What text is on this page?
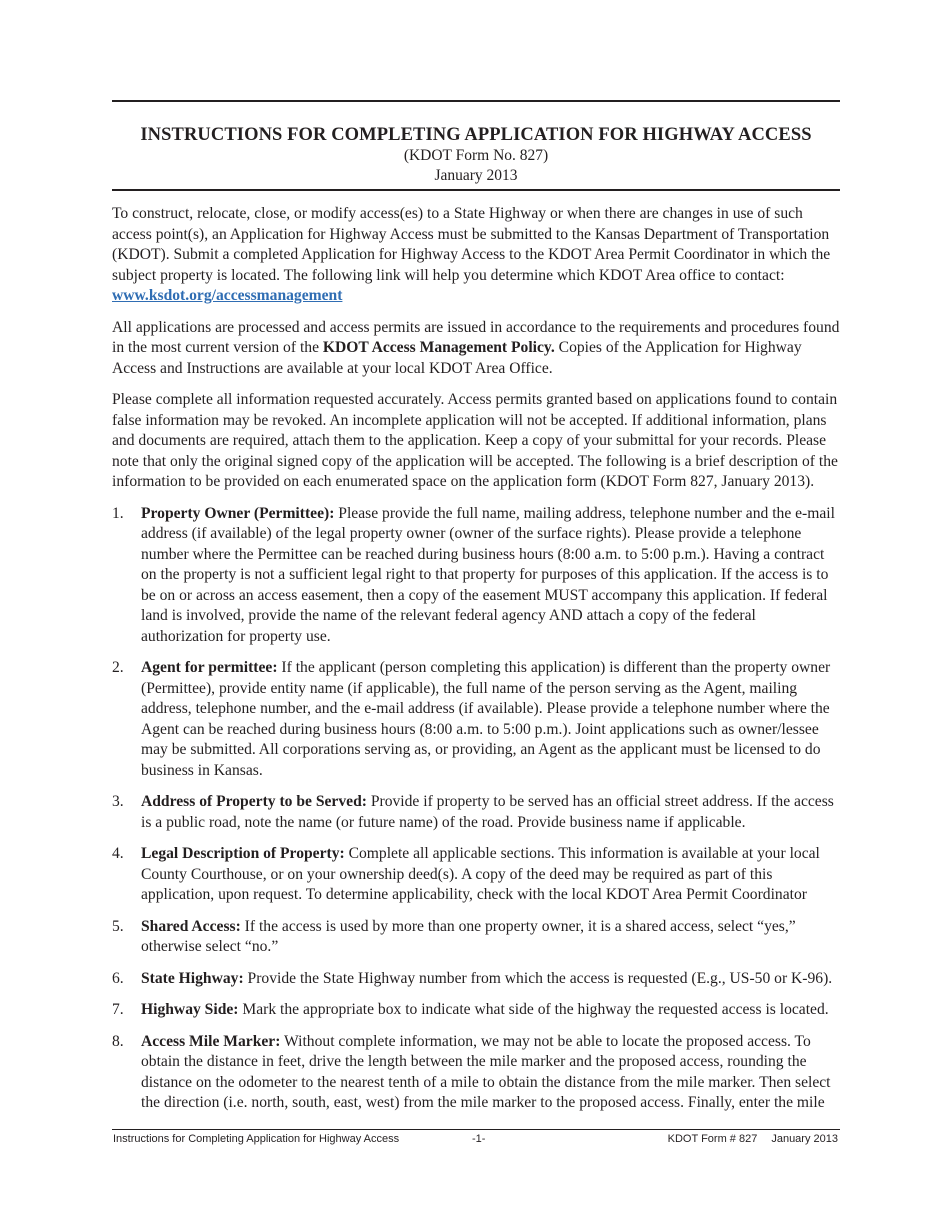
INSTRUCTIONS FOR COMPLETING APPLICATION FOR HIGHWAY ACCESS
(KDOT Form No. 827)
January 2013

To construct, relocate, close, or modify access(es) to a State Highway or when there are changes in use of such access point(s), an Application for Highway Access must be submitted to the Kansas Department of Transportation (KDOT). Submit a completed Application for Highway Access to the KDOT Area Permit Coordinator in which the subject property is located. The following link will help you determine which KDOT Area office to contact:
www.ksdot.org/accessmanagement

All applications are processed and access permits are issued in accordance to the requirements and procedures found in the most current version of the KDOT Access Management Policy. Copies of the Application for Highway Access and Instructions are available at your local KDOT Area Office.

Please complete all information requested accurately. Access permits granted based on applications found to contain false information may be revoked. An incomplete application will not be accepted. If additional information, plans and documents are required, attach them to the application. Keep a copy of your submittal for your records. Please note that only the original signed copy of the application will be accepted. The following is a brief description of the information to be provided on each enumerated space on the application form (KDOT Form 827, January 2013).

1. Property Owner (Permittee): Please provide the full name, mailing address, telephone number and the e-mail address (if available) of the legal property owner (owner of the surface rights). Please provide a telephone number where the Permittee can be reached during business hours (8:00 a.m. to 5:00 p.m.). Having a contract on the property is not a sufficient legal right to that property for purposes of this application. If the access is to be on or across an access easement, then a copy of the easement MUST accompany this application. If federal land is involved, provide the name of the relevant federal agency AND attach a copy of the federal authorization for property use.
2. Agent for permittee: If the applicant (person completing this application) is different than the property owner (Permittee), provide entity name (if applicable), the full name of the person serving as the Agent, mailing address, telephone number, and the e-mail address (if available). Please provide a telephone number where the Agent can be reached during business hours (8:00 a.m. to 5:00 p.m.). Joint applications such as owner/lessee may be submitted. All corporations serving as, or providing, an Agent as the applicant must be licensed to do business in Kansas.
3. Address of Property to be Served: Provide if property to be served has an official street address. If the access is a public road, note the name (or future name) of the road. Provide business name if applicable.
4. Legal Description of Property: Complete all applicable sections. This information is available at your local County Courthouse, or on your ownership deed(s). A copy of the deed may be required as part of this application, upon request. To determine applicability, check with the local KDOT Area Permit Coordinator
5. Shared Access: If the access is used by more than one property owner, it is a shared access, select “yes,” otherwise select “no.”
6. State Highway: Provide the State Highway number from which the access is requested (E.g., US-50 or K-96).
7. Highway Side: Mark the appropriate box to indicate what side of the highway the requested access is located.
8. Access Mile Marker: Without complete information, we may not be able to locate the proposed access. To obtain the distance in feet, drive the length between the mile marker and the proposed access, rounding the distance on the odometer to the nearest tenth of a mile to obtain the distance from the mile marker. Then select the direction (i.e. north, south, east, west) from the mile marker to the proposed access. Finally, enter the mile
Instructions for Completing Application for Highway Access	-1-	KDOT Form # 827 January 2013
